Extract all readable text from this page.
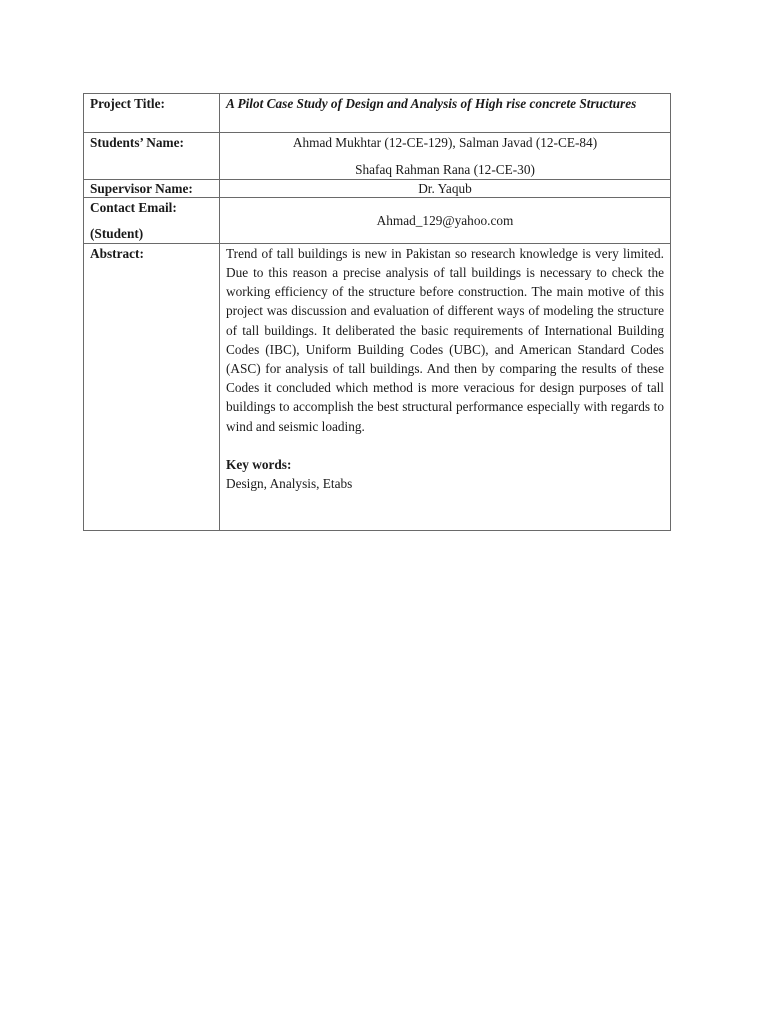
Project Title:	A Pilot Case Study of Design and Analysis of High rise concrete Structures
Students’ Name:	Ahmad Mukhtar (12-CE-129), Salman Javad (12-CE-84)
Shafaq Rahman Rana (12-CE-30)

Supervisor Name:	Dr. Yaqub
Contact Email:
(Student)	Ahmad_129@yahoo.com
Abstract:	Trend of tall buildings is new in Pakistan so research knowledge is very limited. Due to this reason a precise analysis of tall buildings is necessary to check the working efficiency of the structure before construction. The main motive of this project was discussion and evaluation of different ways of modeling the structure of tall buildings. It deliberated the basic requirements of International Building Codes (IBC), Uniform Building Codes (UBC), and American Standard Codes (ASC) for analysis of tall buildings. And then by comparing the results of these Codes it concluded which method is more veracious for design purposes of tall buildings to accomplish the best structural performance especially with regards to wind and seismic loading.
Key words:
Design, Analysis, Etabs
